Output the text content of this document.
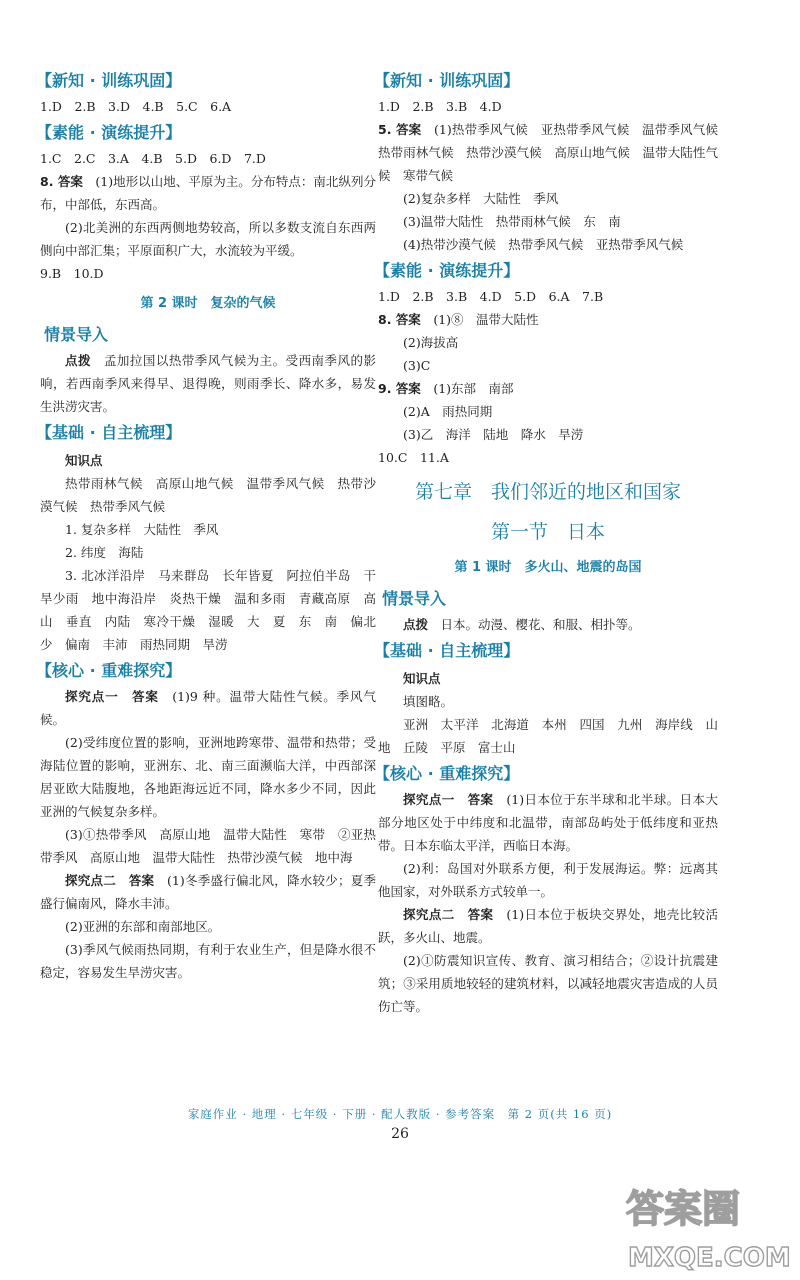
【新知 · 训练巩固】

1.D　2.B　3.D　4.B　5.C　6.A

【素能 · 演练提升】

1.C　2.C　3.A　4.B　5.D　6.D　7.D

8. 答案　 (1)地形以山地、平原为主。分布特点：南北纵列分布，中部低，东西高。

(2)北美洲的东西两侧地势较高，所以多数支流自东西两侧向中部汇集；平原面积广大，水流较为平缓。

9.B　10.D

第 2 课时　复杂的气候
情景导入

点拨　 孟加拉国以热带季风气候为主。受西南季风的影响，若西南季风来得早、退得晚，则雨季长、降水多，易发生洪涝灾害。

【基础 · 自主梳理】
知识点

热带雨林气候　高原山地气候　温带季风气候　热带沙漠气候　热带季风气候

1. 复杂多样　大陆性　季风

2. 纬度　海陆

3. 北冰洋沿岸　马来群岛　长年皆夏　阿拉伯半岛　干旱少雨　地中海沿岸　炎热干燥　温和多雨　青藏高原　高山　垂直　内陆　寒冷干燥　湿暖　大　夏　东　南　偏北　少　偏南　丰沛　雨热同期　旱涝

【核心 · 重难探究】

探究点一　答案　 (1)9 种。温带大陆性气候。季风气候。

(2)受纬度位置的影响，亚洲地跨寒带、温带和热带；受海陆位置的影响，亚洲东、北、南三面濒临大洋，中西部深居亚欧大陆腹地，各地距海远近不同，降水多少不同，因此亚洲的气候复杂多样。

(3)①热带季风　高原山地　温带大陆性　寒带　②亚热带季风　高原山地　温带大陆性　热带沙漠气候　地中海

探究点二　答案　 (1)冬季盛行偏北风，降水较少；夏季盛行偏南风，降水丰沛。

(2)亚洲的东部和南部地区。

(3)季风气候雨热同期，有利于农业生产，但是降水很不稳定，容易发生旱涝灾害。

【新知 · 训练巩固】

1.D　2.B　3.B　4.D

5. 答案　 (1)热带季风气候　亚热带季风气候　温带季风气候　热带雨林气候　热带沙漠气候　高原山地气候　温带大陆性气候　寒带气候

(2)复杂多样　大陆性　季风

(3)温带大陆性　热带雨林气候　东　南

(4)热带沙漠气候　热带季风气候　亚热带季风气候

【素能 · 演练提升】

1.D　2.B　3.B　4.D　5.D　6.A　7.B

8. 答案　 (1)⑧　温带大陆性

(2)海拔高

(3)C

9. 答案　 (1)东部　南部

(2)A　雨热同期

(3)乙　海洋　陆地　降水　旱涝

10.C　11.A

第七章　我们邻近的地区和国家
第一节　日本
第 1 课时　多火山、地震的岛国
情景导入

点拨　 日本。动漫、樱花、和服、相扑等。

【基础 · 自主梳理】
知识点

填图略。

亚洲　太平洋　北海道　本州　四国　九州　海岸线　山地　丘陵　平原　富士山

【核心 · 重难探究】

探究点一　答案　 (1)日本位于东半球和北半球。日本大部分地区处于中纬度和北温带，南部岛屿处于低纬度和亚热带。日本东临太平洋，西临日本海。

(2)利：岛国对外联系方便，利于发展海运。弊：远离其他国家，对外联系方式较单一。

探究点二　答案　 (1)日本位于板块交界处，地壳比较活跃，多火山、地震。

(2)①防震知识宣传、教育、演习相结合；②设计抗震建筑；③采用质地较轻的建筑材料，以减轻地震灾害造成的人员伤亡等。

家庭作业 · 地理 · 七年级 · 下册 · 配人教版 · 参考答案　第 2 页(共 16 页)
26
答案圈
MXQE.COM
